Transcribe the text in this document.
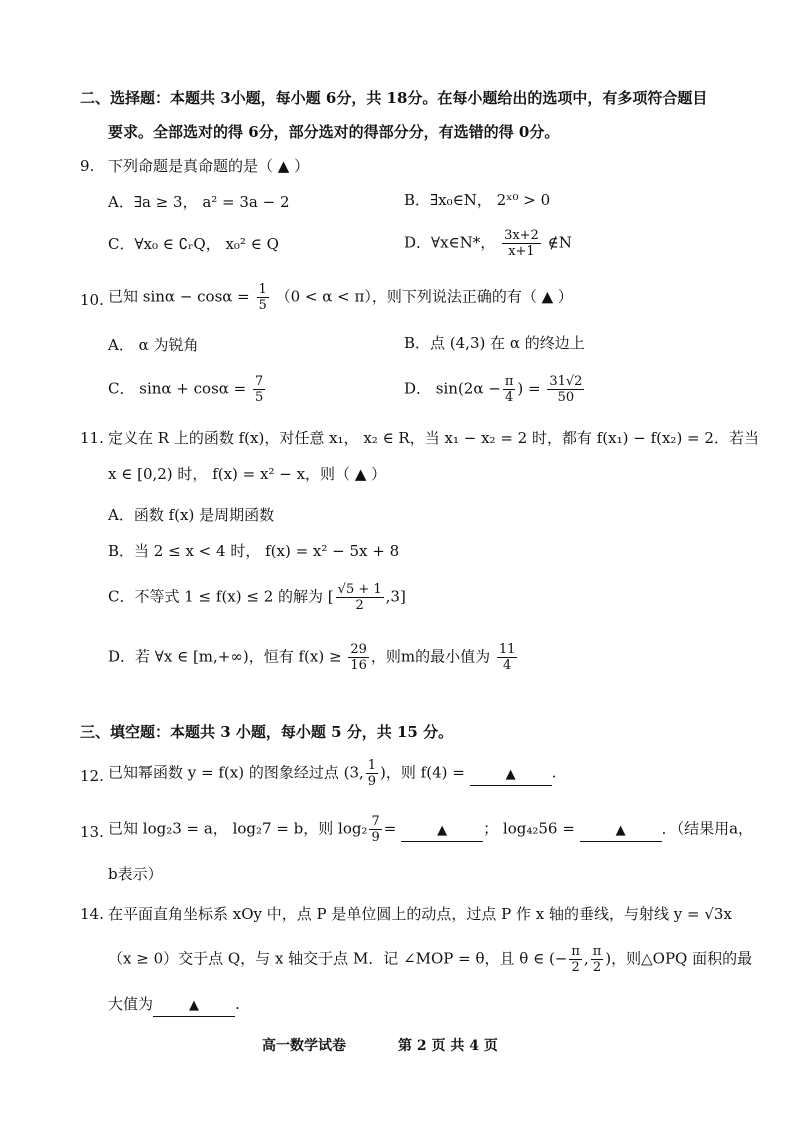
二、选择题：本题共 3小题，每小题 6分，共 18分。在每小题给出的选项中，有多项符合题目
要求。全部选对的得 6分，部分选对的得部分分，有选错的得 0分。
9. 下列命题是真命题的是（ ▲ ）
A．∃a ≥ 3， a² = 3a − 2	B．∃x₀∈N， 2ˣ⁰ > 0
C．∀x₀ ∈ ∁ᵣQ， x₀² ∈ Q	D．∀x∈N*， $\frac{3x+2}{x+1}$ ∉N
10. 已知 $\sin\alpha - \cos\alpha = \frac{1}{5} (0 < \alpha < \pi)$，则下列说法正确的有（ ▲ ）
A． α 为锐角	B．点 (4,3) 在 α 的终边上
C． $\sin\alpha + \cos\alpha = \frac{7}{5}$	D． $\sin(2\alpha - \frac{\pi}{4}$ ) = $\frac{31√2}{50}$
11. 定义在 R 上的函数 f(x)，对任意 x₁， x₂ ∈ R，当 x₁ − x₂ = 2 时，都有 f(x₁) − f(x₂) = 2．若当
x ∈ [0,2) 时， f(x) = x² − x，则（ ▲ ）
A．函数 f(x) 是周期函数
B．当 2 ≤ x < 4 时， f(x) = x² − 5x + 8
C．不等式 1 ≤ f(x) ≤ 2 的解为 [ $\frac{√5 + 1}{2} ,3$]
D．若 ∀x ∈ [m,+∞)，恒有 $f(x) \ge \frac{29}{16}$ ，则m的最小值为 $\frac{11}{4}$
三、填空题：本题共 3 小题，每小题 5 分，共 15 分。
12. 已知幂函数 y = f(x) 的图象经过点 (3, $\frac{1}{9}$ )，则 f(4) =	▲ .
13. 已知 log₂3 = a， log₂7 = b，则 $\log_2 \frac{7}{9}$ =	▲ ； log₄₂56 =	▲ ．（结果用a，
b表示）
14. 在平面直角坐标系 xOy 中，点 P 是单位圆上的动点，过点 P 作 x 轴的垂线，与射线 y = √3x
（x ≥ 0）交于点 Q，与 x 轴交于点 M．记 ∠MOP = θ，且 θ ∈ (− $\frac{\pi}{2}$ , $\frac{\pi}{2}$ )，则△OPQ 面积的最
大值为	▲ .
高一数学试卷	第 2 页 共 4 页
